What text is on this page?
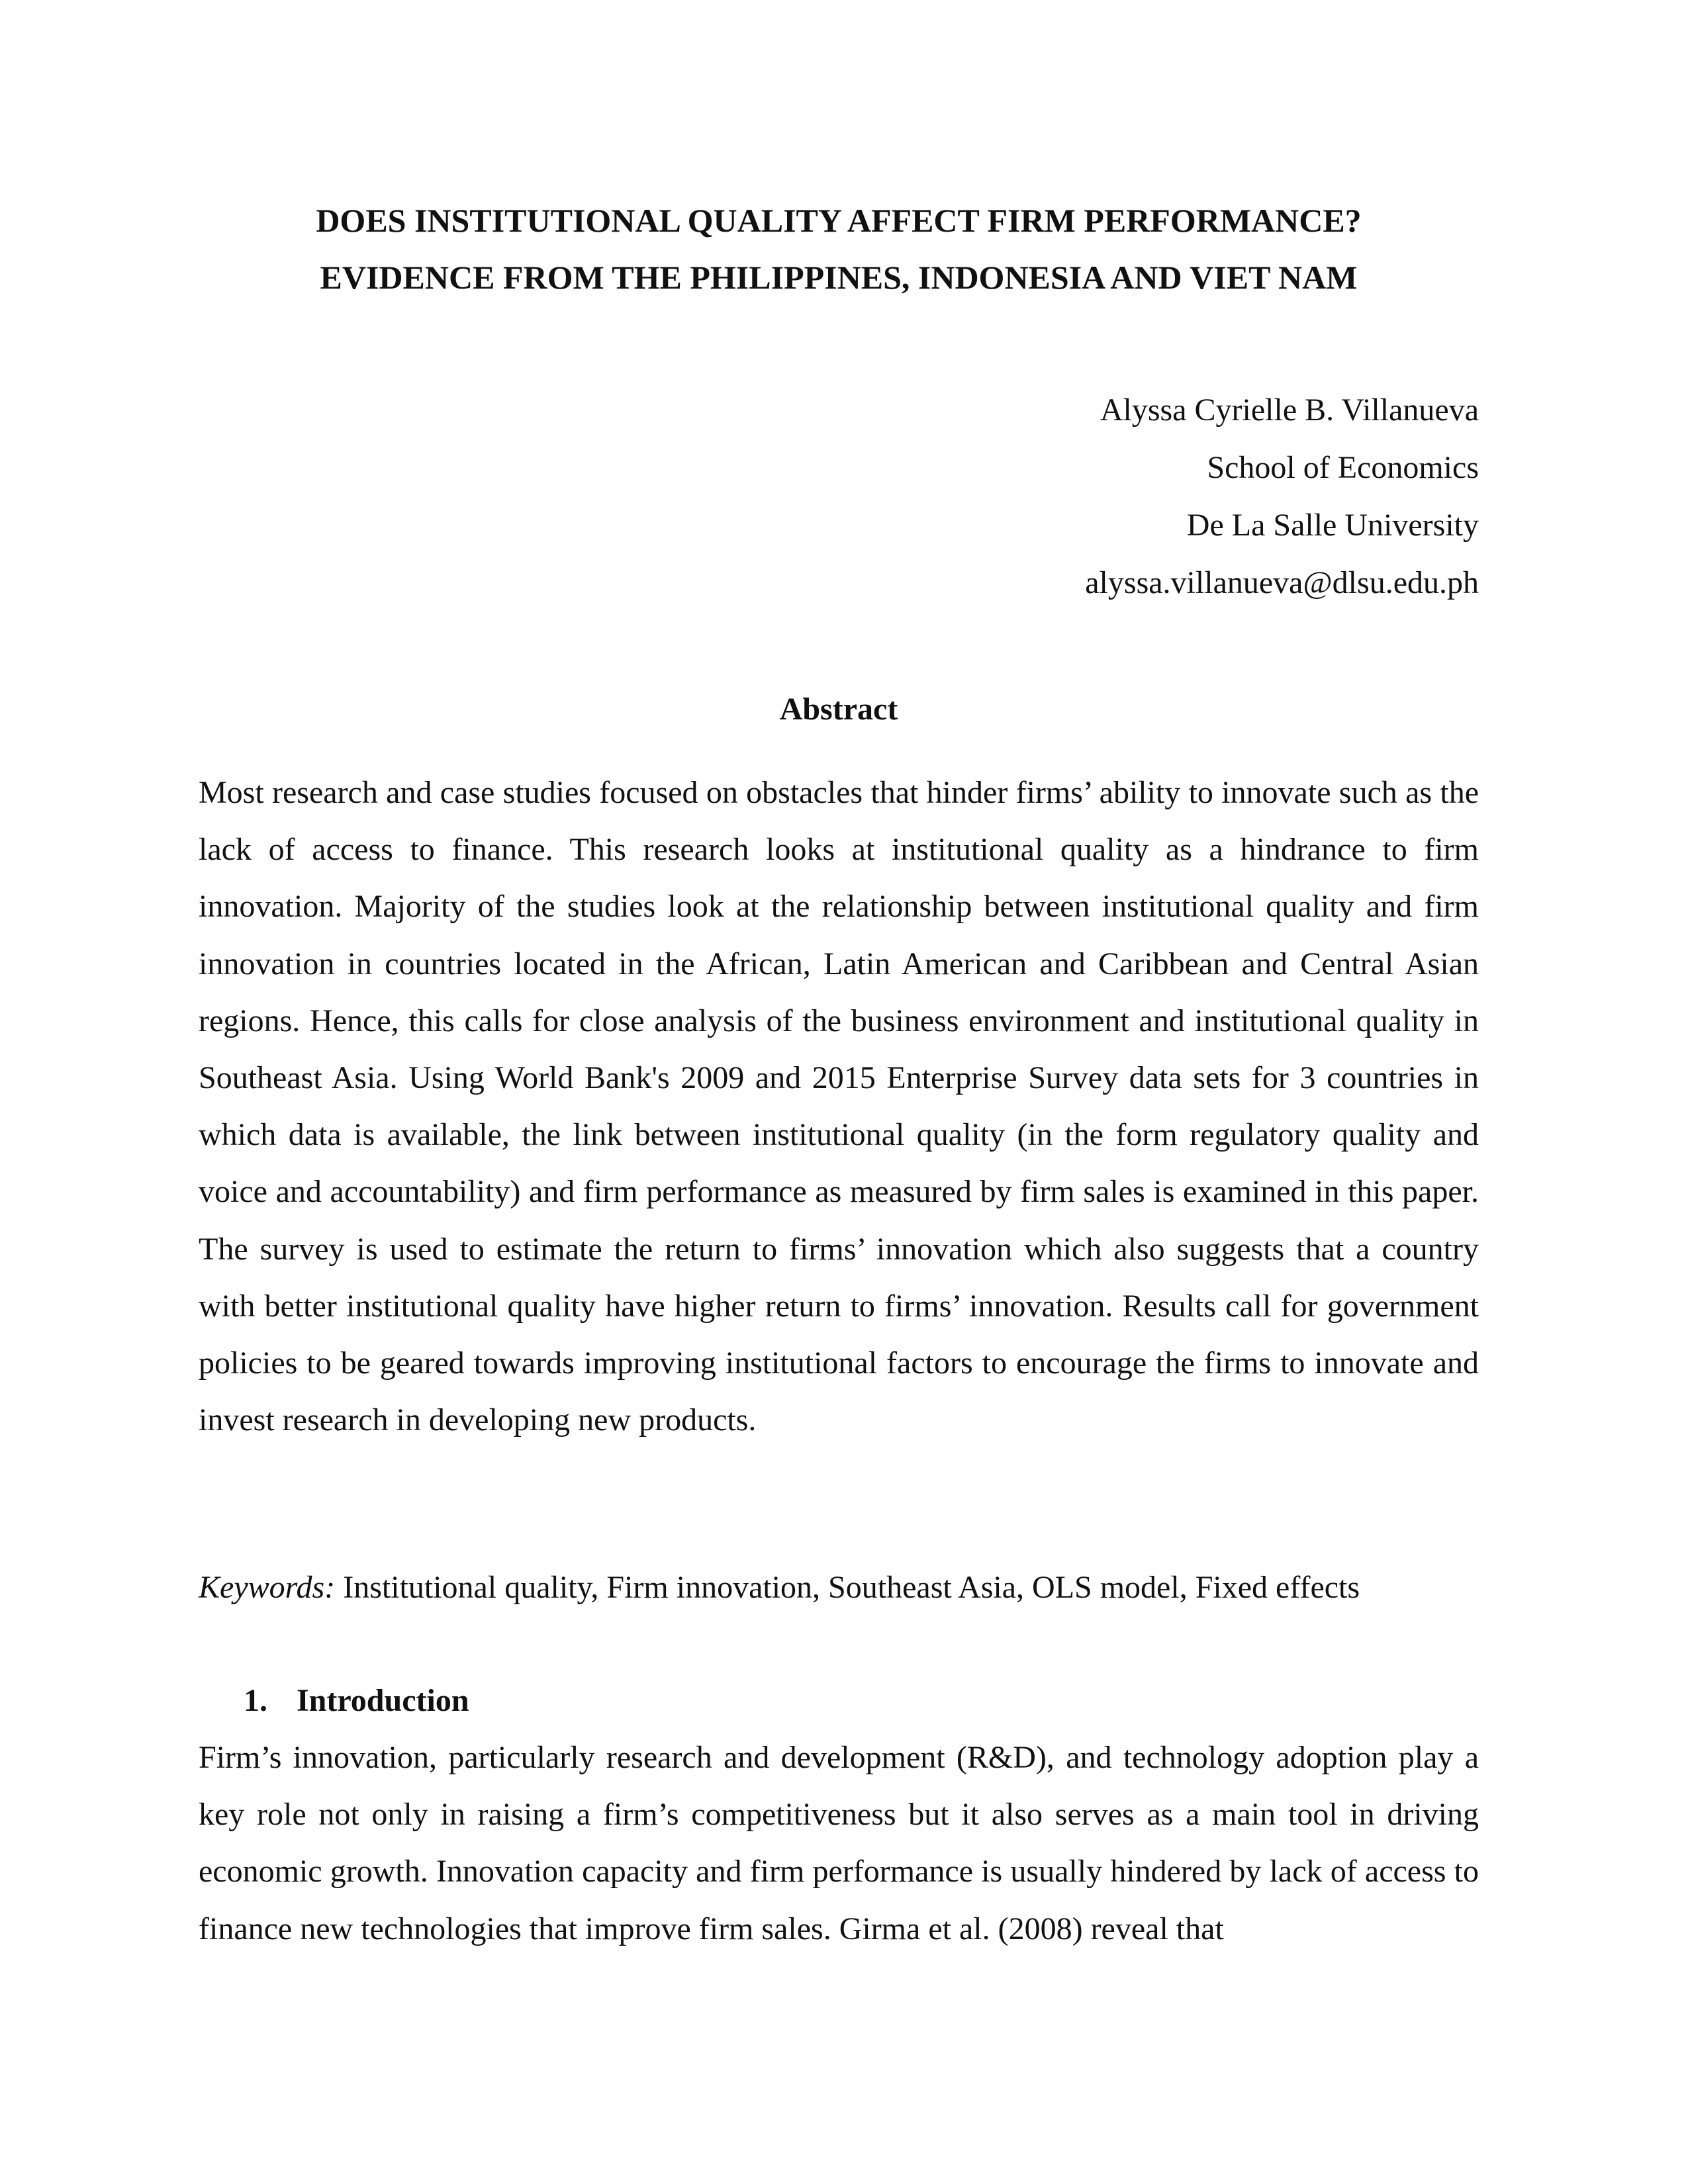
DOES INSTITUTIONAL QUALITY AFFECT FIRM PERFORMANCE?
EVIDENCE FROM THE PHILIPPINES, INDONESIA AND VIET NAM
Alyssa Cyrielle B. Villanueva
School of Economics
De La Salle University
alyssa.villanueva@dlsu.edu.ph
Abstract

Most research and case studies focused on obstacles that hinder firms’ ability to innovate such as the lack of access to finance. This research looks at institutional quality as a hindrance to firm innovation. Majority of the studies look at the relationship between institutional quality and firm innovation in countries located in the African, Latin American and Caribbean and Central Asian regions. Hence, this calls for close analysis of the business environment and institutional quality in Southeast Asia. Using World Bank's 2009 and 2015 Enterprise Survey data sets for 3 countries in which data is available, the link between institutional quality (in the form regulatory quality and voice and accountability) and firm performance as measured by firm sales is examined in this paper. The survey is used to estimate the return to firms’ innovation which also suggests that a country with better institutional quality have higher return to firms’ innovation. Results call for government policies to be geared towards improving institutional factors to encourage the firms to innovate and invest research in developing new products.

Keywords: Institutional quality, Firm innovation, Southeast Asia, OLS model, Fixed effects
1. Introduction

Firm’s innovation, particularly research and development (R&D), and technology adoption play a key role not only in raising a firm’s competitiveness but it also serves as a main tool in driving economic growth. Innovation capacity and firm performance is usually hindered by lack of access to finance new technologies that improve firm sales. Girma et al. (2008) reveal that
